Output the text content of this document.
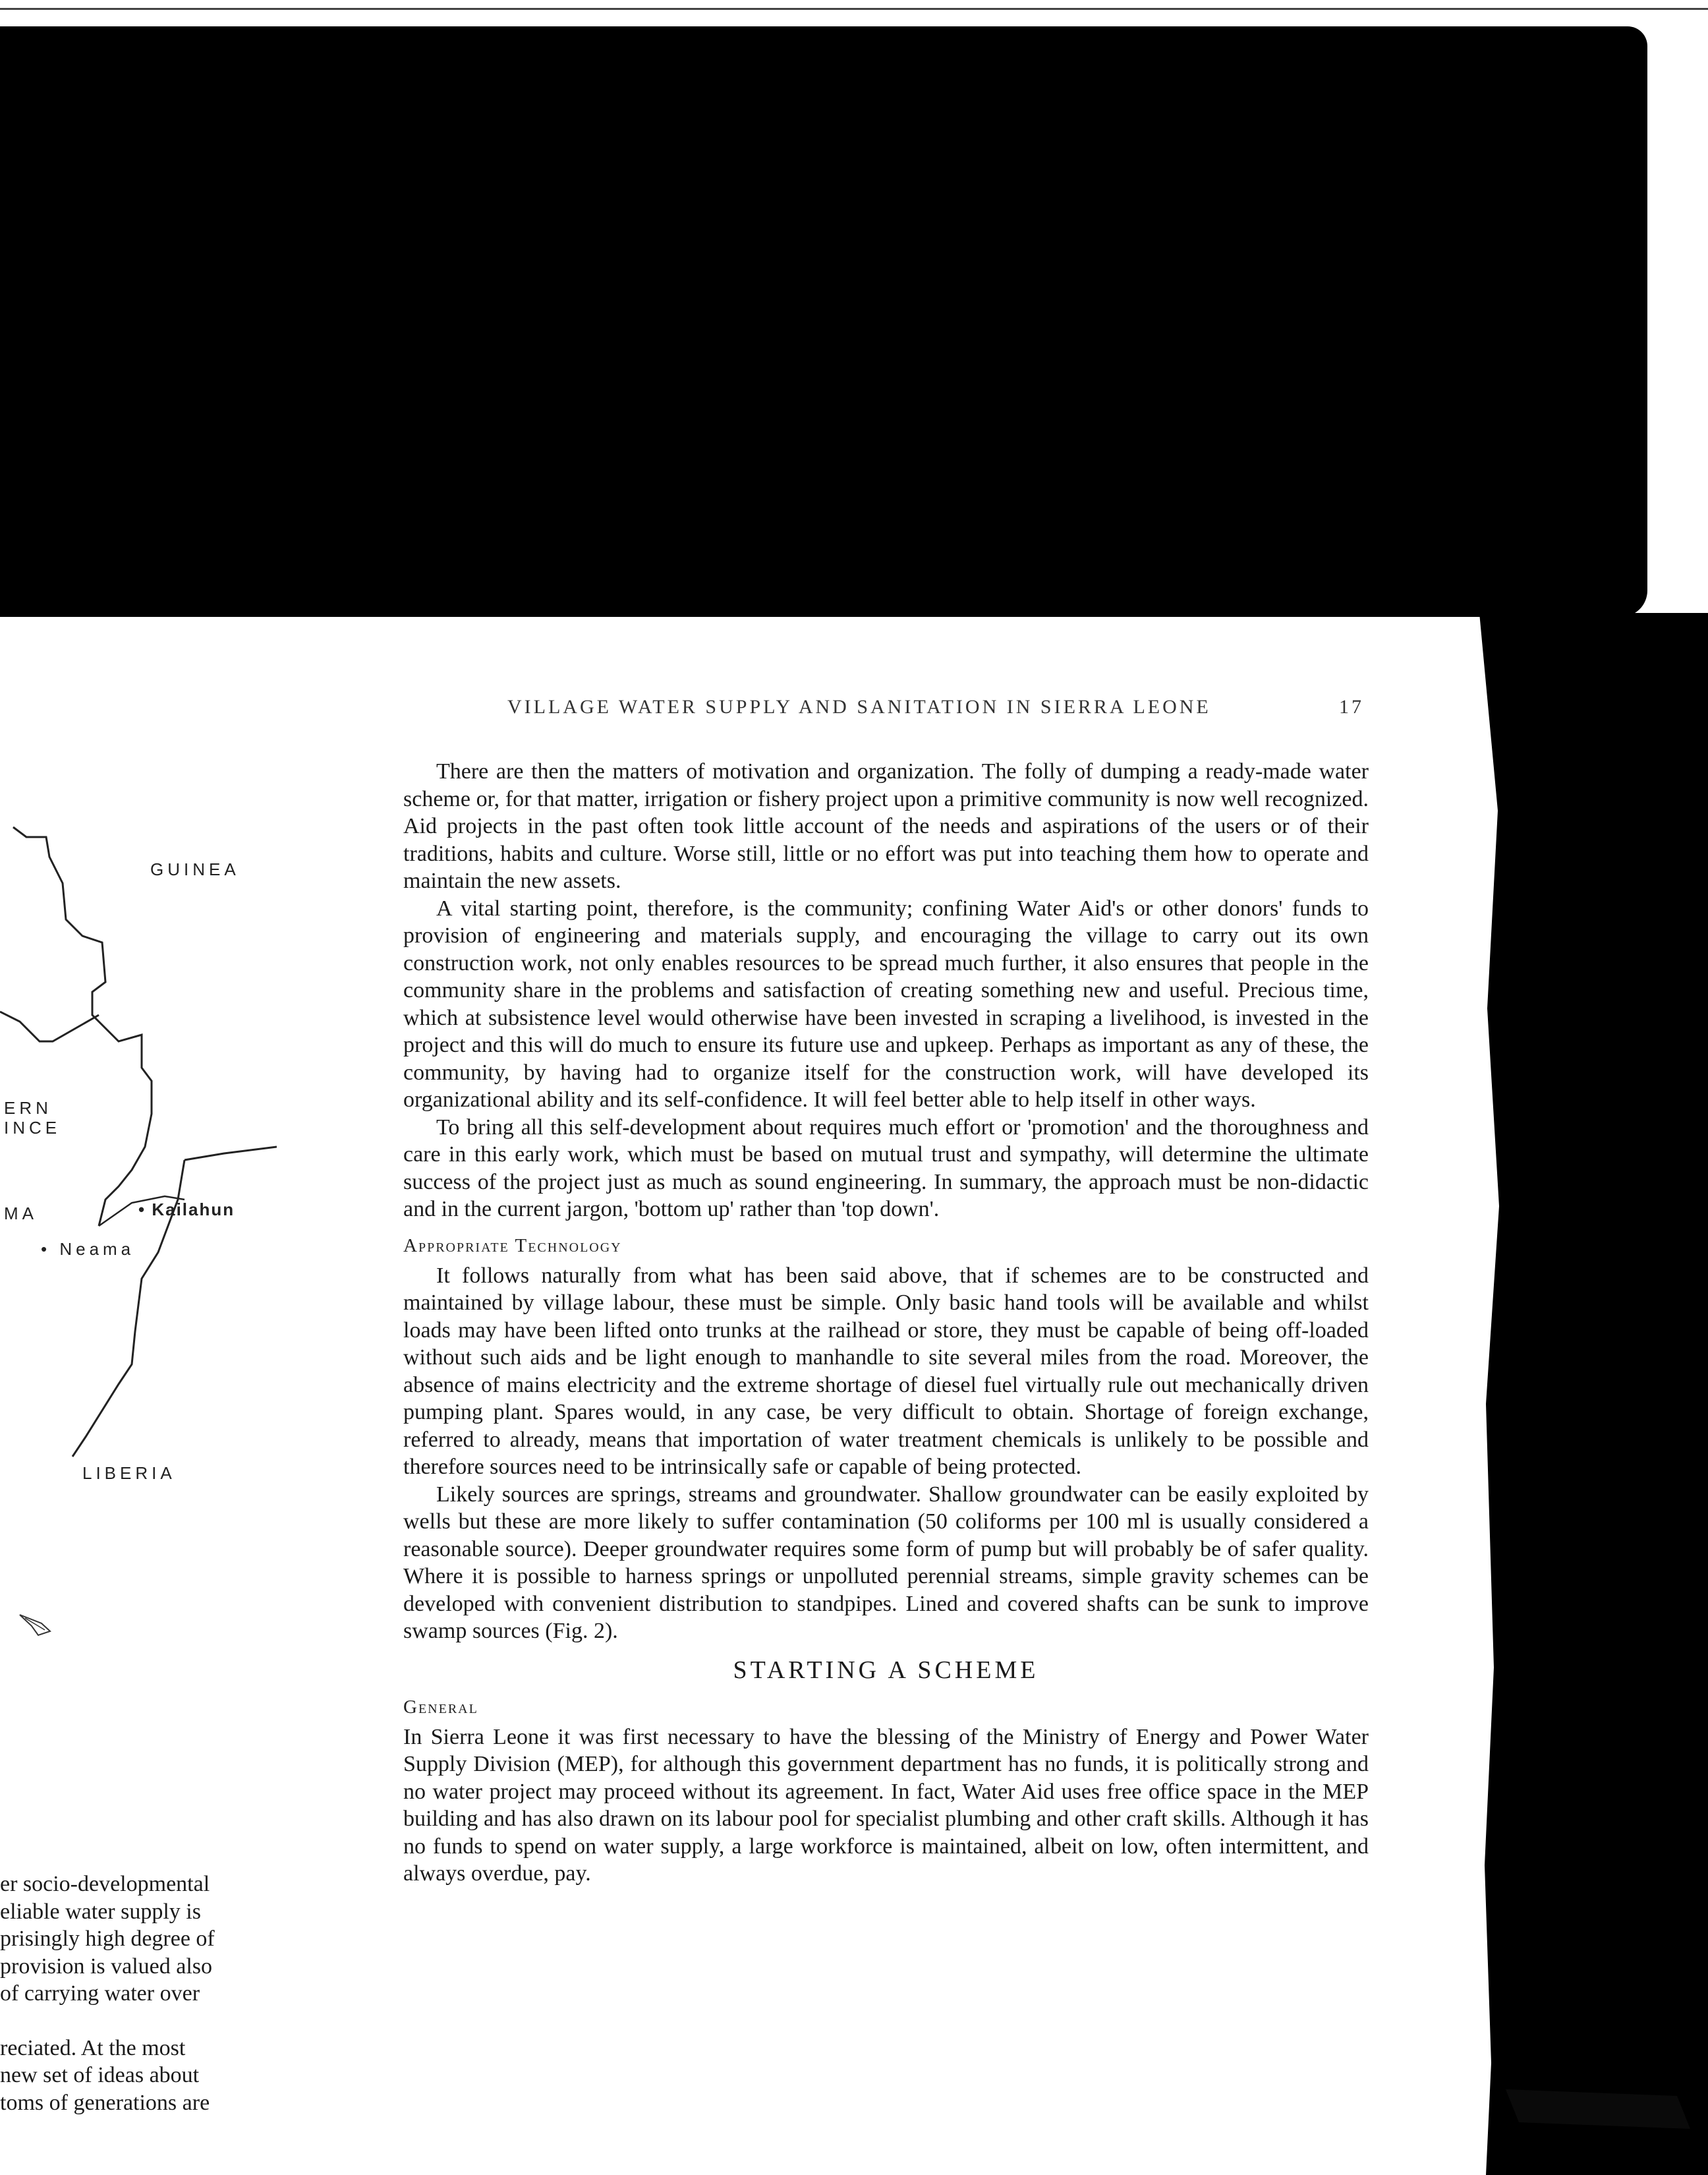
Univ. of Washing
VILLAGE WATER SUPPLY AND SANITATION IN SIERRA LEONE	17
GUINEA
ERN
INCE
MA	• Kailahun
• Neama
LIBERIA

There are then the matters of motivation and organization. The folly of dumping a ready-made water scheme or, for that matter, irrigation or fishery project upon a primitive community is now well recognized. Aid projects in the past often took little account of the needs and aspirations of the users or of their traditions, habits and culture. Worse still, little or no effort was put into teaching them how to operate and maintain the new assets.

A vital starting point, therefore, is the community; confining Water Aid's or other donors' funds to provision of engineering and materials supply, and encouraging the village to carry out its own construction work, not only enables resources to be spread much further, it also ensures that people in the community share in the problems and satisfaction of creating something new and useful. Precious time, which at subsistence level would otherwise have been invested in scraping a livelihood, is invested in the project and this will do much to ensure its future use and upkeep. Perhaps as important as any of these, the community, by having had to organize itself for the construction work, will have developed its organizational ability and its self-confidence. It will feel better able to help itself in other ways.

To bring all this self-development about requires much effort or 'promotion' and the thoroughness and care in this early work, which must be based on mutual trust and sympathy, will determine the ultimate success of the project just as much as sound engineering. In summary, the approach must be non-didactic and in the current jargon, 'bottom up' rather than 'top down'.

Appropriate Technology

It follows naturally from what has been said above, that if schemes are to be constructed and maintained by village labour, these must be simple. Only basic hand tools will be available and whilst loads may have been lifted onto trunks at the railhead or store, they must be capable of being off-loaded without such aids and be light enough to manhandle to site several miles from the road. Moreover, the absence of mains electricity and the extreme shortage of diesel fuel virtually rule out mechanically driven pumping plant. Spares would, in any case, be very difficult to obtain. Shortage of foreign exchange, referred to already, means that importation of water treatment chemicals is unlikely to be possible and therefore sources need to be intrinsically safe or capable of being protected.

Likely sources are springs, streams and groundwater. Shallow groundwater can be easily exploited by wells but these are more likely to suffer contamination (50 coliforms per 100 ml is usually considered a reasonable source). Deeper groundwater requires some form of pump but will probably be of safer quality. Where it is possible to harness springs or unpolluted perennial streams, simple gravity schemes can be developed with convenient distribution to standpipes. Lined and covered shafts can be sunk to improve swamp sources (Fig. 2).

STARTING A SCHEME
General

In Sierra Leone it was first necessary to have the blessing of the Ministry of Energy and Power Water Supply Division (MEP), for although this government department has no funds, it is politically strong and no water project may proceed without its agreement. In fact, Water Aid uses free office space in the MEP building and has also drawn on its labour pool for specialist plumbing and other craft skills. Although it has no funds to spend on water supply, a large workforce is maintained, albeit on low, often intermittent, and always overdue, pay.

er socio-developmental
eliable water supply is
prisingly high degree of
provision is valued also
of carrying water over
reciated. At the most
new set of ideas about
toms of generations are
